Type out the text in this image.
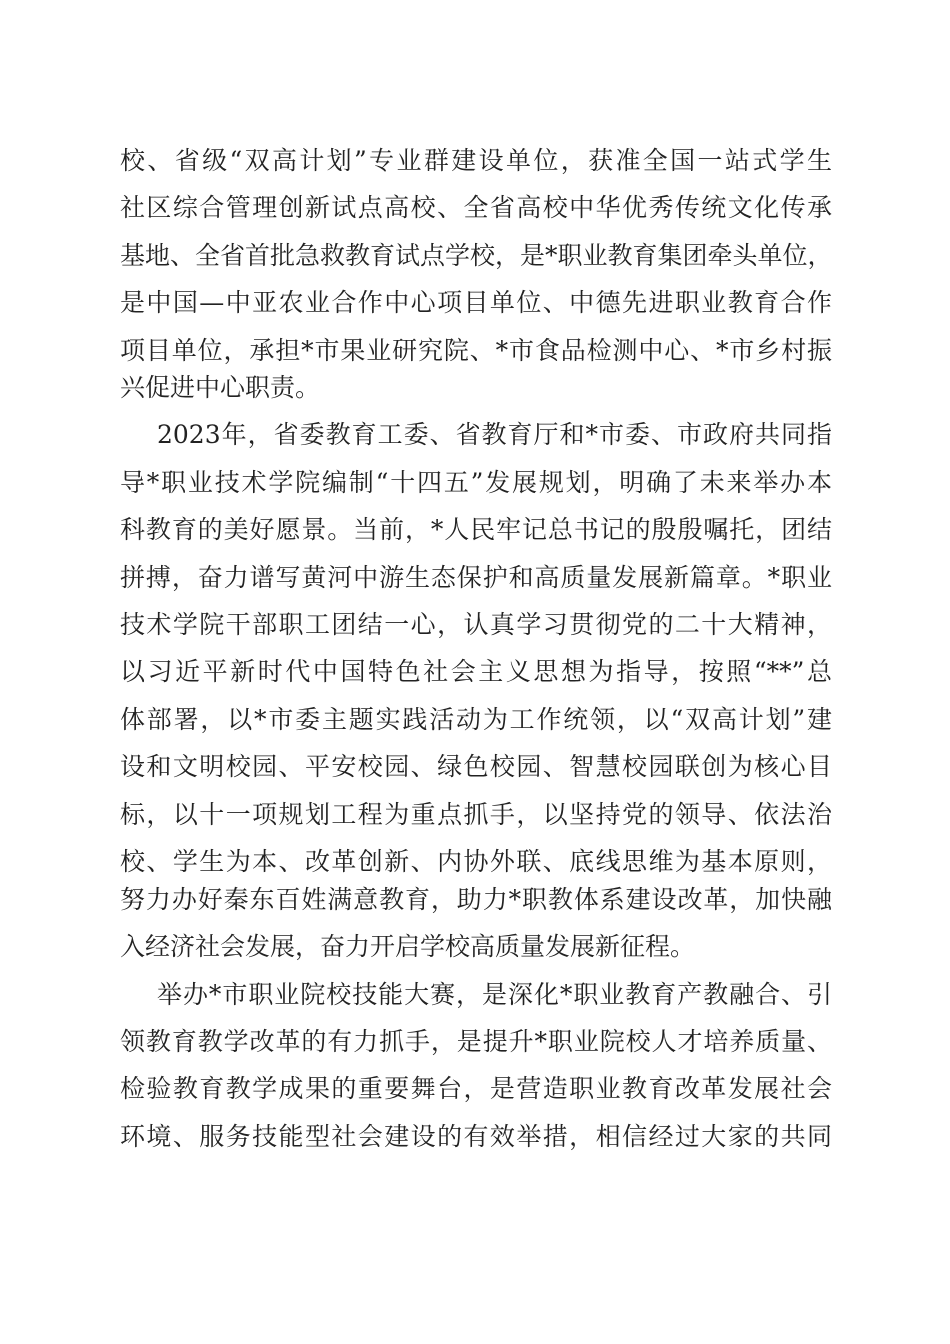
校、省级“双高计划”专业群建设单位，获准全国一站式学生
社区综合管理创新试点高校、全省高校中华优秀传统文化传承
基地、全省首批急救教育试点学校，是*职业教育集团牵头单位，
是中国—中亚农业合作中心项目单位、中德先进职业教育合作
项目单位，承担*市果业研究院、*市食品检测中心、*市乡村振
兴促进中心职责。
2023年，省委教育工委、省教育厅和*市委、市政府共同指
导*职业技术学院编制“十四五”发展规划，明确了未来举办本
科教育的美好愿景。当前，*人民牢记总书记的殷殷嘱托，团结
拼搏，奋力谱写黄河中游生态保护和高质量发展新篇章。*职业
技术学院干部职工团结一心，认真学习贯彻党的二十大精神，
以习近平新时代中国特色社会主义思想为指导，按照“**”总
体部署，以*市委主题实践活动为工作统领，以“双高计划”建
设和文明校园、平安校园、绿色校园、智慧校园联创为核心目
标，以十一项规划工程为重点抓手，以坚持党的领导、依法治
校、学生为本、改革创新、内协外联、底线思维为基本原则，
努力办好秦东百姓满意教育，助力*职教体系建设改革，加快融
入经济社会发展，奋力开启学校高质量发展新征程。
举办*市职业院校技能大赛，是深化*职业教育产教融合、引
领教育教学改革的有力抓手，是提升*职业院校人才培养质量、
检验教育教学成果的重要舞台，是营造职业教育改革发展社会
环境、服务技能型社会建设的有效举措，相信经过大家的共同
